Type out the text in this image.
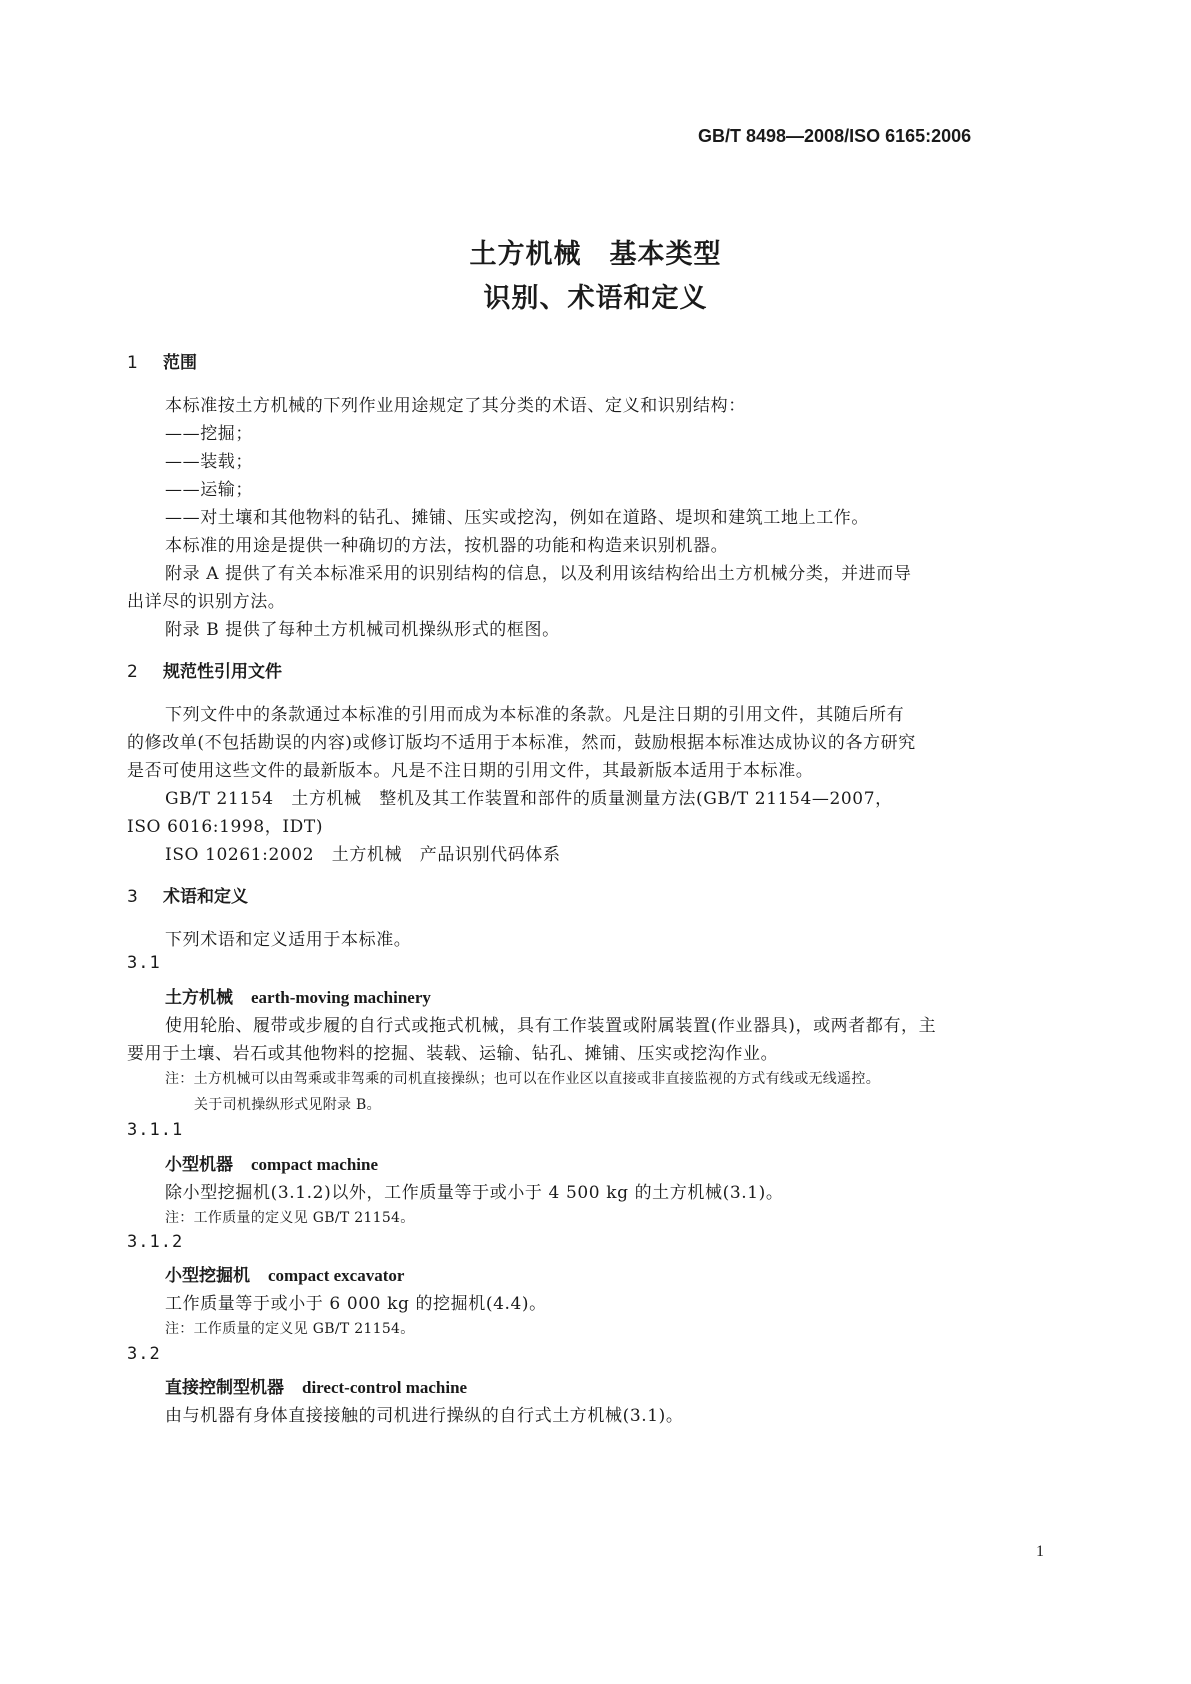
GB/T 8498—2008/ISO 6165:2006
土方机械　基本类型
识别、术语和定义
1 范围
本标准按土方机械的下列作业用途规定了其分类的术语、定义和识别结构：
——挖掘；
——装载；
——运输；
——对土壤和其他物料的钻孔、摊铺、压实或挖沟，例如在道路、堤坝和建筑工地上工作。
本标准的用途是提供一种确切的方法，按机器的功能和构造来识别机器。
附录 A 提供了有关本标准采用的识别结构的信息，以及利用该结构给出土方机械分类，并进而导
出详尽的识别方法。
附录 B 提供了每种土方机械司机操纵形式的框图。
2 规范性引用文件
下列文件中的条款通过本标准的引用而成为本标准的条款。凡是注日期的引用文件，其随后所有
的修改单(不包括勘误的内容)或修订版均不适用于本标准，然而，鼓励根据本标准达成协议的各方研究
是否可使用这些文件的最新版本。凡是不注日期的引用文件，其最新版本适用于本标准。
GB/T 21154　土方机械　整机及其工作装置和部件的质量测量方法(GB/T 21154—2007，
ISO 6016:1998，IDT)
ISO 10261:2002　土方机械　产品识别代码体系
3 术语和定义
下列术语和定义适用于本标准。
3.1
土方机械 earth-moving machinery
使用轮胎、履带或步履的自行式或拖式机械，具有工作装置或附属装置(作业器具)，或两者都有，主
要用于土壤、岩石或其他物料的挖掘、装载、运输、钻孔、摊铺、压实或挖沟作业。
注：土方机械可以由驾乘或非驾乘的司机直接操纵；也可以在作业区以直接或非直接监视的方式有线或无线遥控。
关于司机操纵形式见附录 B。
3.1.1
小型机器 compact machine
除小型挖掘机(3.1.2)以外，工作质量等于或小于 4 500 kg 的土方机械(3.1)。
注：工作质量的定义见 GB/T 21154。
3.1.2
小型挖掘机 compact excavator
工作质量等于或小于 6 000 kg 的挖掘机(4.4)。
注：工作质量的定义见 GB/T 21154。
3.2
直接控制型机器 direct-control machine
由与机器有身体直接接触的司机进行操纵的自行式土方机械(3.1)。
1
